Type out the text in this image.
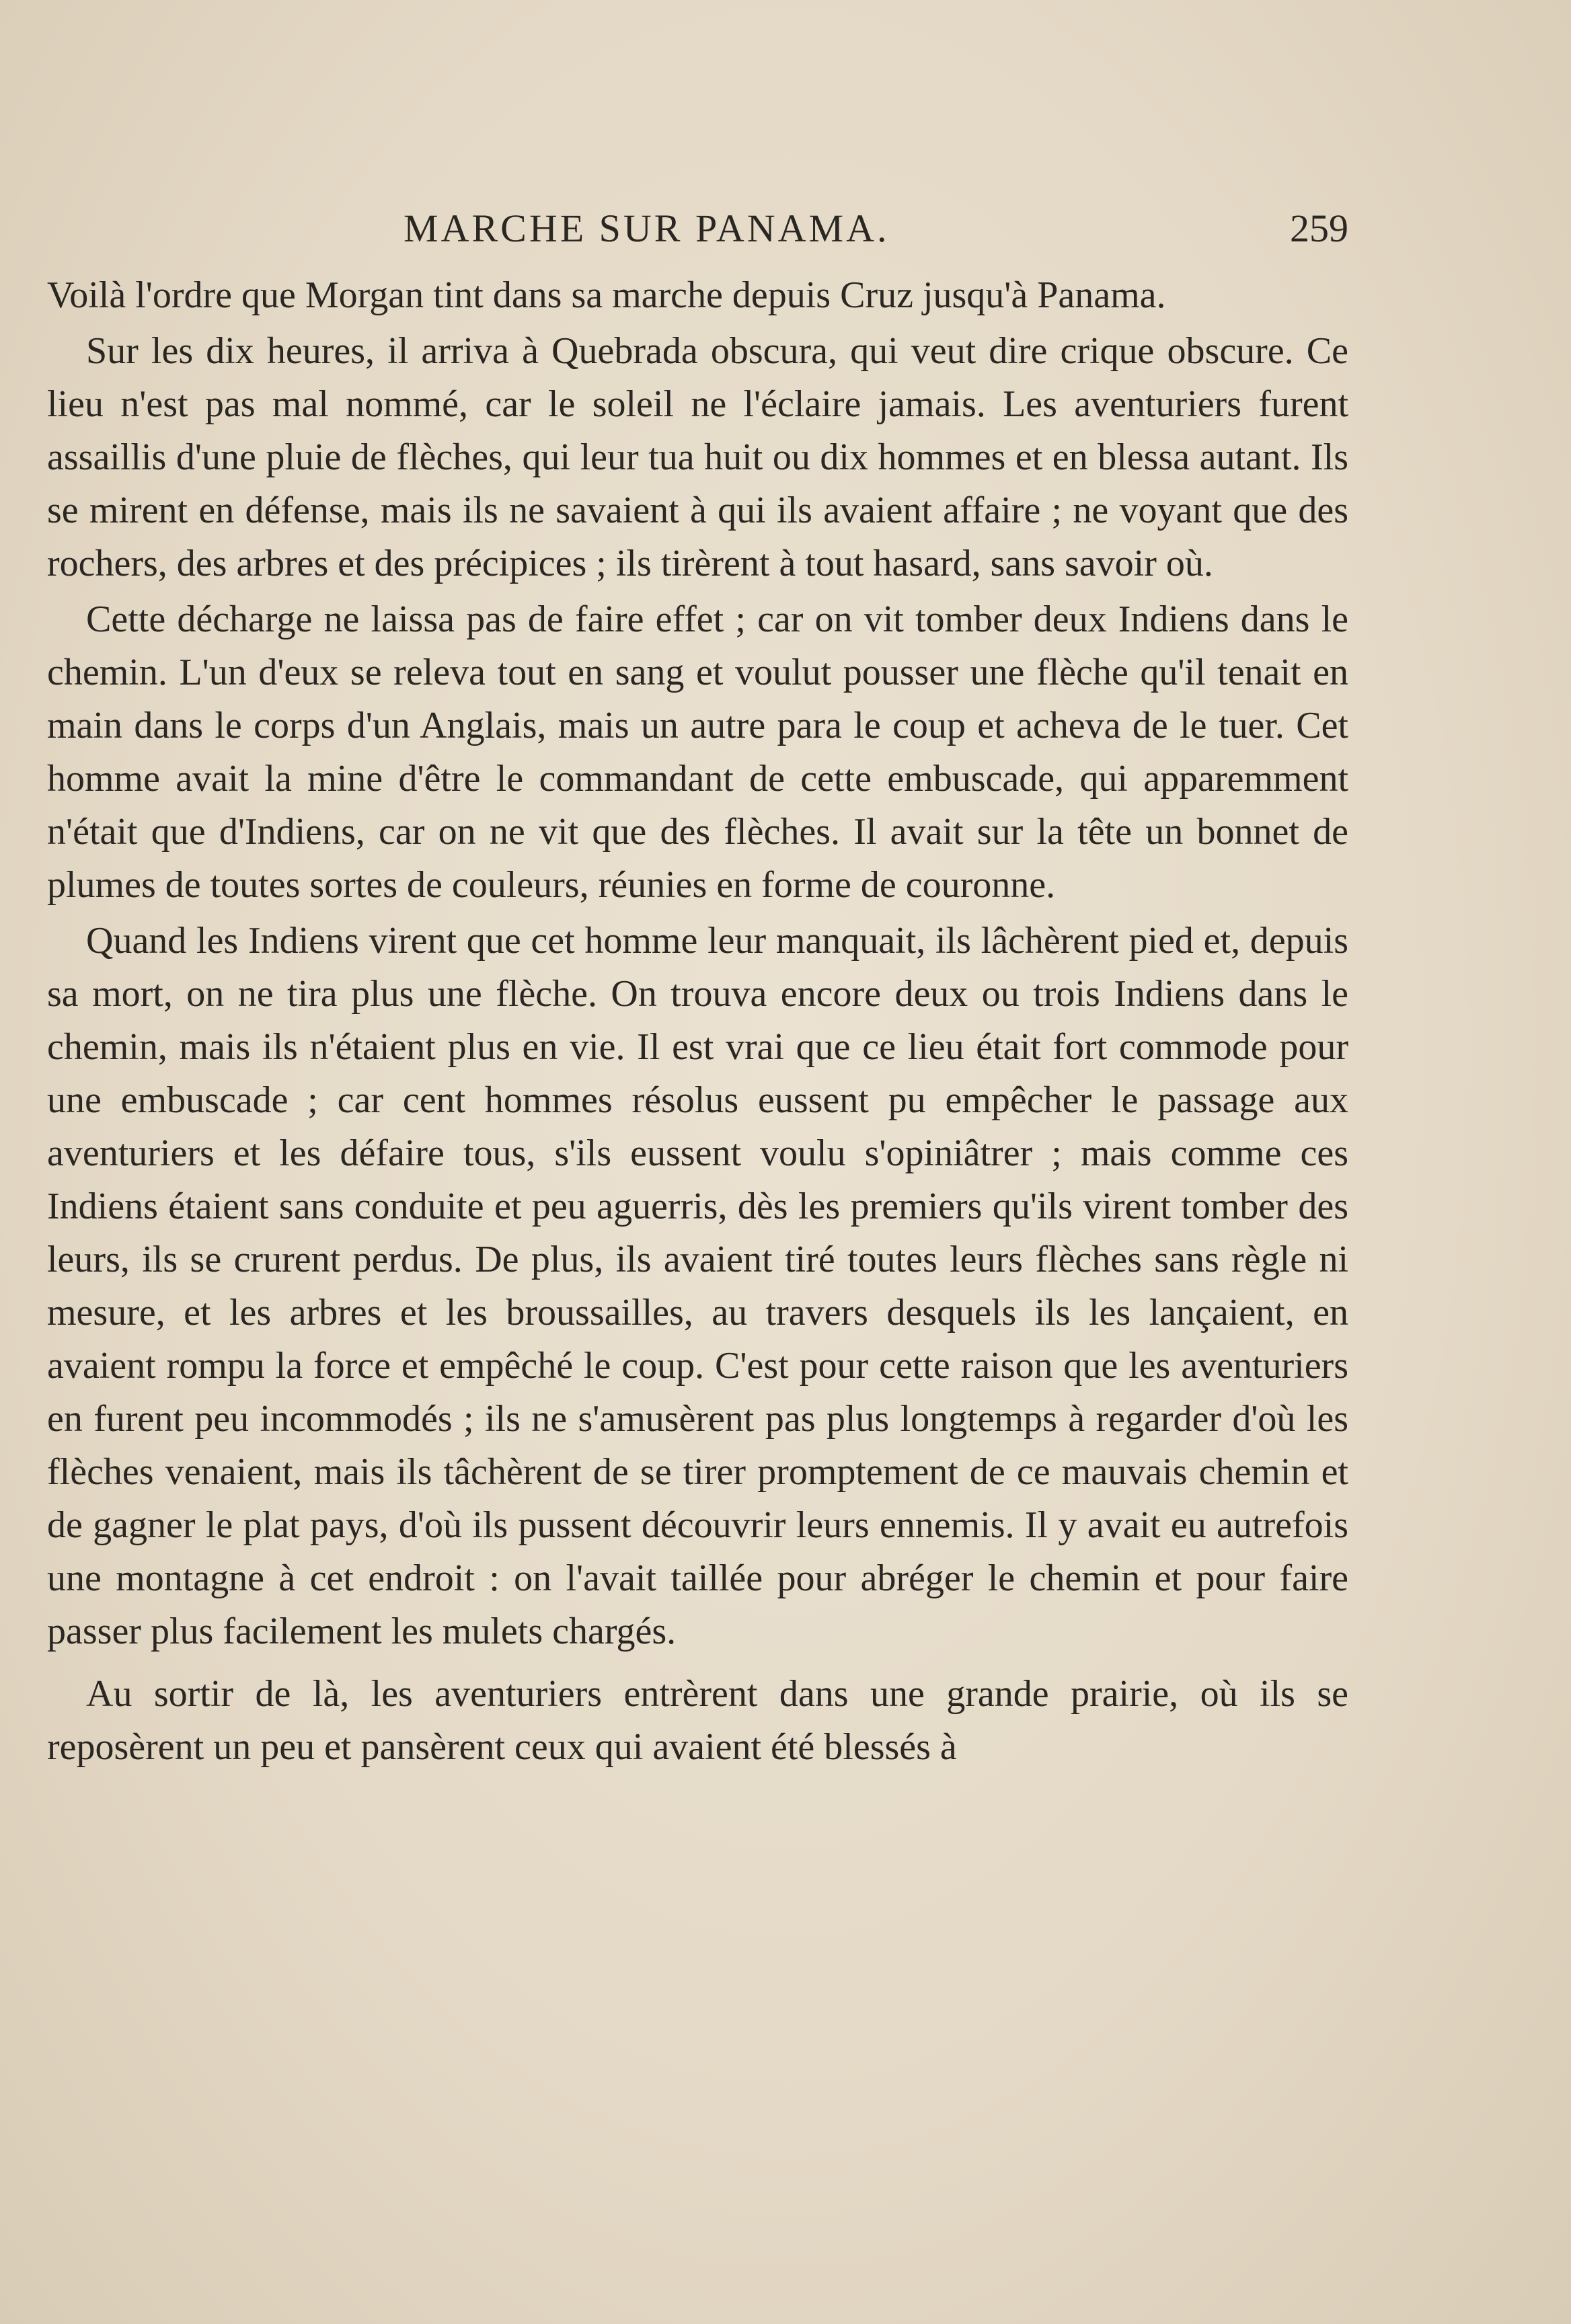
MARCHE SUR PANAMA.	259

Voilà l'ordre que Morgan tint dans sa marche depuis Cruz jusqu'à Panama.

Sur les dix heures, il arriva à Quebrada obscura, qui veut dire crique obscure. Ce lieu n'est pas mal nommé, car le soleil ne l'éclaire jamais. Les aventuriers furent assaillis d'une pluie de flèches, qui leur tua huit ou dix hommes et en blessa autant. Ils se mirent en défense, mais ils ne savaient à qui ils avaient affaire ; ne voyant que des rochers, des arbres et des précipices ; ils tirèrent à tout hasard, sans savoir où.

Cette décharge ne laissa pas de faire effet ; car on vit tomber deux Indiens dans le chemin. L'un d'eux se releva tout en sang et voulut pousser une flèche qu'il tenait en main dans le corps d'un Anglais, mais un autre para le coup et acheva de le tuer. Cet homme avait la mine d'être le commandant de cette embuscade, qui apparemment n'était que d'Indiens, car on ne vit que des flèches. Il avait sur la tête un bonnet de plumes de toutes sortes de couleurs, réunies en forme de couronne.

Quand les Indiens virent que cet homme leur manquait, ils lâchèrent pied et, depuis sa mort, on ne tira plus une flèche. On trouva encore deux ou trois Indiens dans le chemin, mais ils n'étaient plus en vie. Il est vrai que ce lieu était fort commode pour une embuscade ; car cent hommes résolus eussent pu empêcher le passage aux aventuriers et les défaire tous, s'ils eussent voulu s'opiniâtrer ; mais comme ces Indiens étaient sans conduite et peu aguerris, dès les premiers qu'ils virent tomber des leurs, ils se crurent perdus. De plus, ils avaient tiré toutes leurs flèches sans règle ni mesure, et les arbres et les broussailles, au travers desquels ils les lançaient, en avaient rompu la force et empêché le coup. C'est pour cette raison que les aventuriers en furent peu incommodés ; ils ne s'amusèrent pas plus longtemps à regarder d'où les flèches venaient, mais ils tâchèrent de se tirer promptement de ce mauvais chemin et de gagner le plat pays, d'où ils pussent découvrir leurs ennemis. Il y avait eu autrefois une montagne à cet endroit : on l'avait taillée pour abréger le chemin et pour faire passer plus facilement les mulets chargés.

Au sortir de là, les aventuriers entrèrent dans une grande prairie, où ils se reposèrent un peu et pansèrent ceux qui avaient été blessés à
